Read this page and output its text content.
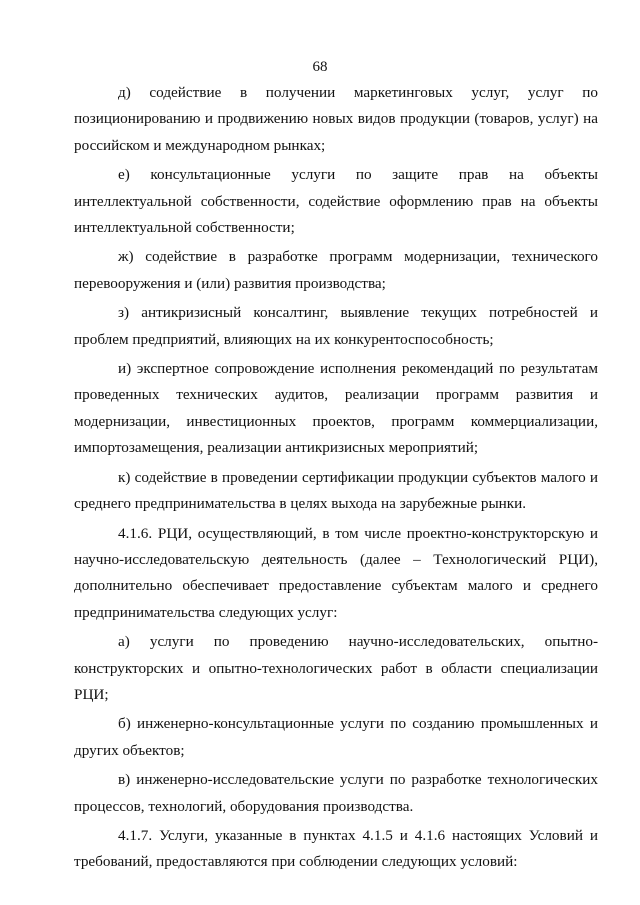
68

д) содействие в получении маркетинговых услуг, услуг по позиционированию и продвижению новых видов продукции (товаров, услуг) на российском и международном рынках;

е) консультационные услуги по защите прав на объекты интеллектуальной собственности, содействие оформлению прав на объекты интеллектуальной собственности;

ж) содействие в разработке программ модернизации, технического перевооружения и (или) развития производства;

з) антикризисный консалтинг, выявление текущих потребностей и проблем предприятий, влияющих на их конкурентоспособность;

и) экспертное сопровождение исполнения рекомендаций по результатам проведенных технических аудитов, реализации программ развития и модернизации, инвестиционных проектов, программ коммерциализации, импортозамещения, реализации антикризисных мероприятий;

к) содействие в проведении сертификации продукции субъектов малого и среднего предпринимательства в целях выхода на зарубежные рынки.

4.1.6. РЦИ, осуществляющий, в том числе проектно-конструкторскую и научно-исследовательскую деятельность (далее – Технологический РЦИ), дополнительно обеспечивает предоставление субъектам малого и среднего предпринимательства следующих услуг:

а) услуги по проведению научно-исследовательских, опытно-конструкторских и опытно-технологических работ в области специализации РЦИ;

б) инженерно-консультационные услуги по созданию промышленных и других объектов;

в) инженерно-исследовательские услуги по разработке технологических процессов, технологий, оборудования производства.

4.1.7. Услуги, указанные в пунктах 4.1.5 и 4.1.6 настоящих Условий и требований, предоставляются при соблюдении следующих условий:
